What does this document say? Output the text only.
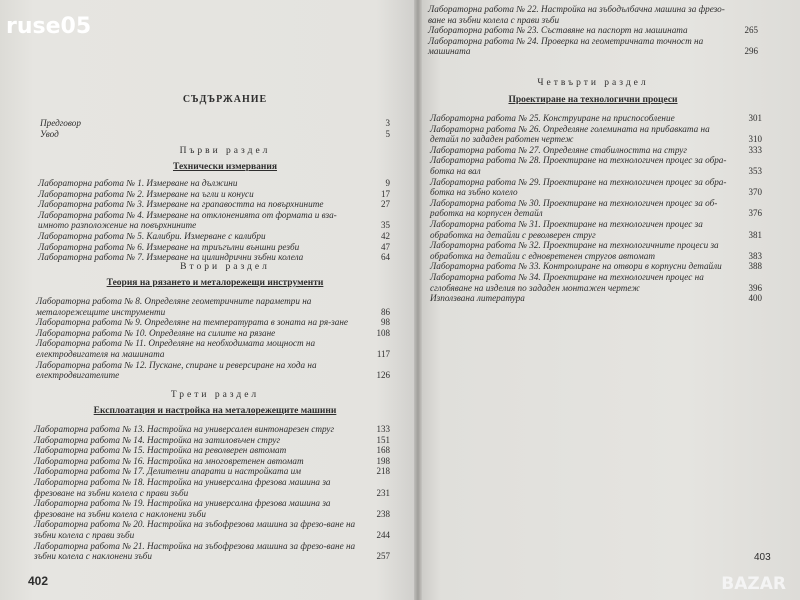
СЪДЪРЖАНИЕ
Предговор	3
Увод	5
Първи раздел
Технически измервания
Лабораторна работа № 1. Измерване на дължини	9
Лабораторна работа № 2. Измерване на ъгли и конуси	17
Лабораторна работа № 3. Измерване на грапавостта на повърхнините	27
Лабораторна работа № 4. Измерване на отклоненията от формата и вза-имното разположение на повърхнините	35
Лабораторна работа № 5. Калибри. Измерване с калибри	42
Лабораторна работа № 6. Измерване на триъгълни външни резби	47
Лабораторна работа № 7. Измерване на цилиндрични зъбни колела	64
Втори раздел
Теория на рязането и металорежещи инструменти
Лабораторна работа № 8. Определяне геометричните параметри на металорежещите инструменти	86
Лабораторна работа № 9. Определяне на температурата в зоната на ря-зане	98
Лабораторна работа № 10. Определяне на силите на рязане	108
Лабораторна работа № 11. Определяне на необходимата мощност на електродвигателя на машината	117
Лабораторна работа № 12. Пускане, спиране и реверсиране на хода на електродвигателите	126
Трети раздел
Експлоатация и настройка на металорежещите машини
Лабораторна работа № 13. Настройка на универсален винтонарезен струг	133
Лабораторна работа № 14. Настройка на затиловъчен струг	151
Лабораторна работа № 15. Настройка на револверен автомат	168
Лабораторна работа № 16. Настройка на многовретенен автомат	198
Лабораторна работа № 17. Делителни апарати и настройката им	218
Лабораторна работа № 18. Настройка на универсална фрезова машина за фрезоване на зъбни колела с прави зъби	231
Лабораторна работа № 19. Настройка на универсална фрезова машина за фрезоване на зъбни колела с наклонени зъби	238
Лабораторна работа № 20. Настройка на зъбофрезова машина за фрезо-ване на зъбни колела с прави зъби	244
Лабораторна работа № 21. Настройка на зъбофрезова машина за фрезо-ване на зъбни колела с наклонени зъби	257
402
Лабораторна работа № 22. Настройка на зъбодълбачна машина за фрезо-ване на зъбни колела с прави зъби
Лабораторна работа № 23. Съставяне на паспорт на машината	265
Лабораторна работа № 24. Проверка на геометричната точност на машината	296
Четвърти раздел
Проектиране на технологични процеси
Лабораторна работа № 25. Конструиране на приспособление	301
Лабораторна работа № 26. Определяне големината на прибавката на детайл по зададен работен чертеж	310
Лабораторна работа № 27. Определяне стабилността на струг	333
Лабораторна работа № 28. Проектиране на технологичен процес за обра-ботка на вал	353
Лабораторна работа № 29. Проектиране на технологичен процес за обра-ботка на зъбно колело	370
Лабораторна работа № 30. Проектиране на технологичен процес за об-работка на корпусен детайл	376
Лабораторна работа № 31. Проектиране на технологичен процес за обработка на детайли с револверен струг	381
Лабораторна работа № 32. Проектиране на технологичните процеси за обработка на детайли с едновретенен стругов автомат	383
Лабораторна работа № 33. Контролиране на отвори в корпусни детайли	388
Лабораторна работа № 34. Проектиране на технологичен процес на сглобяване на изделия по зададен монтажен чертеж	396
Използвана литература	400
403
ruse05
BAZAR
